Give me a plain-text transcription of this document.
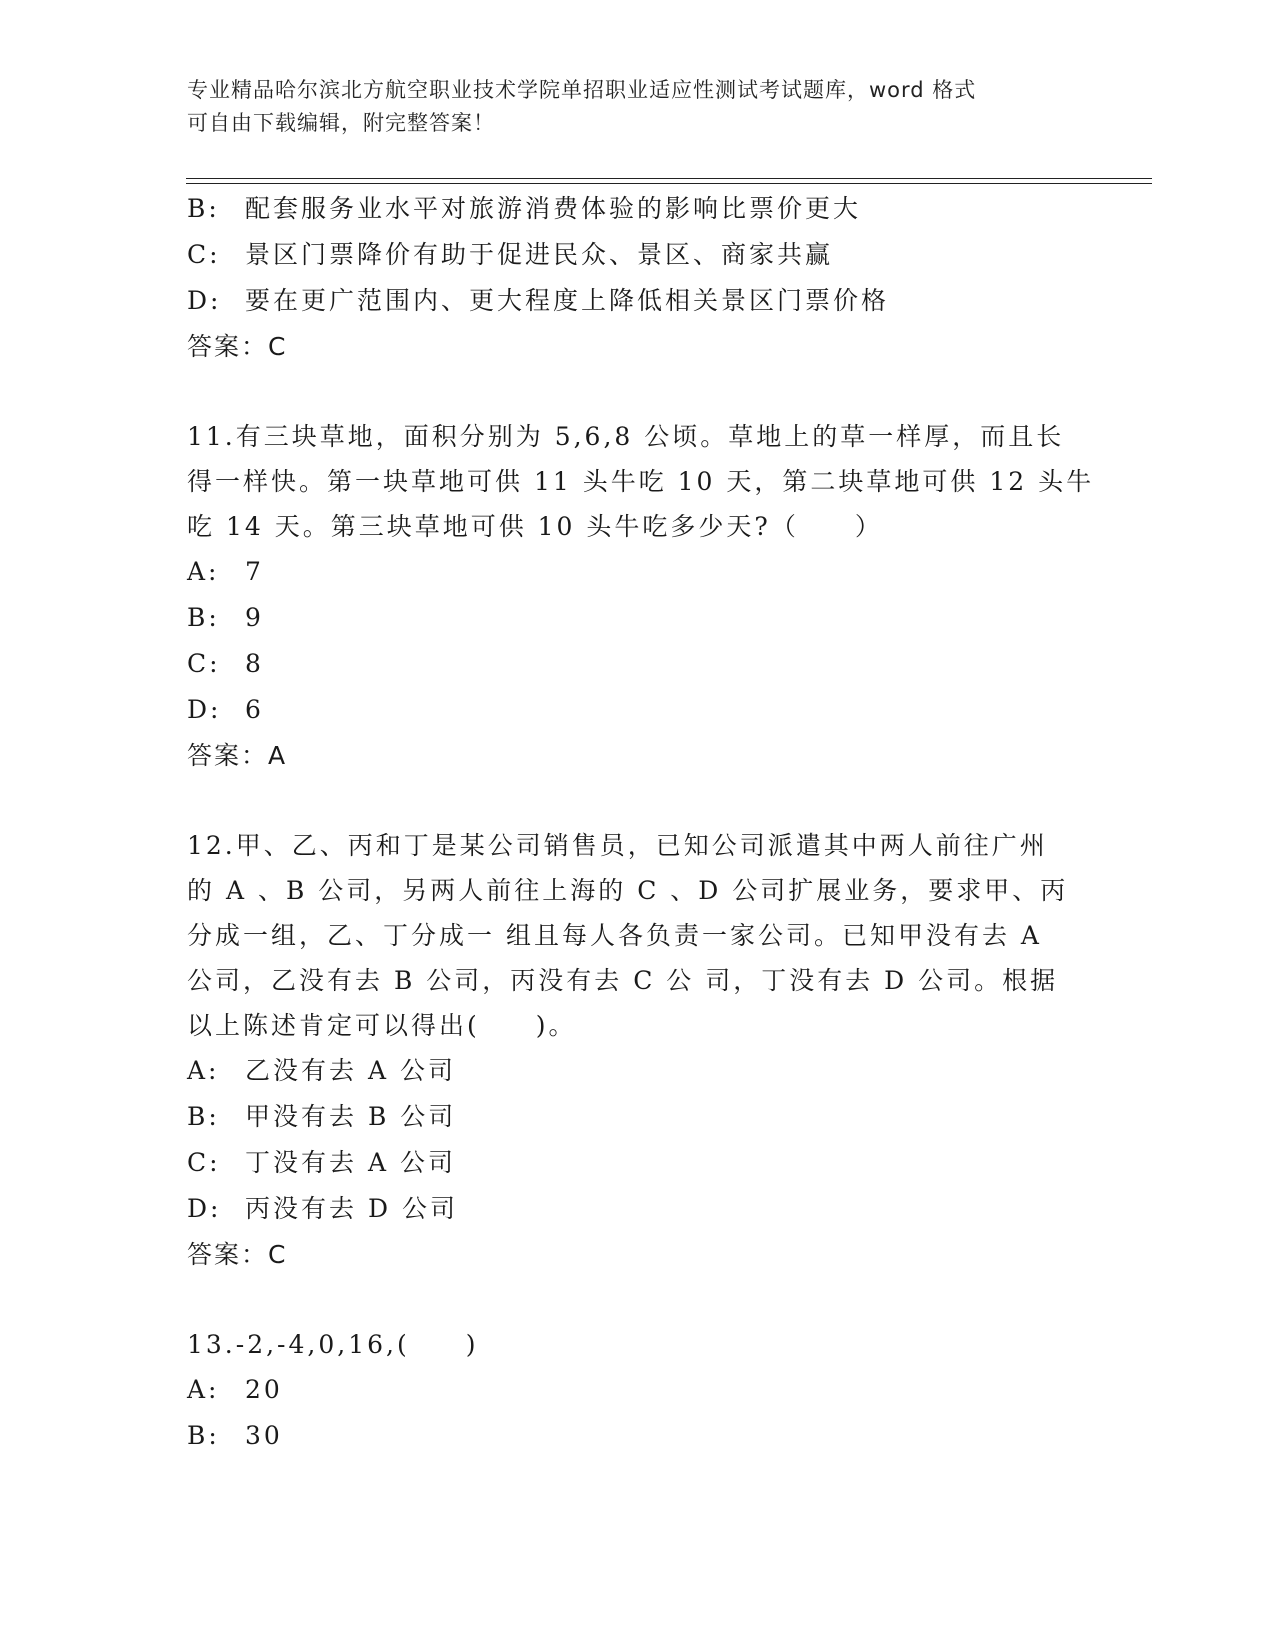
专业精品哈尔滨北方航空职业技术学院单招职业适应性测试考试题库，word 格式
可自由下载编辑，附完整答案！
B: 配套服务业水平对旅游消费体验的影响比票价更大
C: 景区门票降价有助于促进民众、景区、商家共赢
D: 要在更广范围内、更大程度上降低相关景区门票价格
答案：C
11.有三块草地，面积分别为 5,6,8 公顷。草地上的草一样厚，而且长
得一样快。第一块草地可供 11 头牛吃 10 天，第二块草地可供 12 头牛
吃 14 天。第三块草地可供 10 头牛吃多少天?（　　）
A: 7
B: 9
C: 8
D: 6
答案：A
12.甲、乙、丙和丁是某公司销售员，已知公司派遣其中两人前往广州
的 A 、B 公司，另两人前往上海的 C 、D 公司扩展业务，要求甲、丙
分成一组，乙、丁分成一 组且每人各负责一家公司。已知甲没有去 A
公司，乙没有去 B 公司，丙没有去 C 公 司，丁没有去 D 公司。根据
以上陈述肯定可以得出(　　)。
A: 乙没有去 A 公司
B: 甲没有去 B 公司
C: 丁没有去 A 公司
D: 丙没有去 D 公司
答案：C
13.-2,-4,0,16,(　　)
A: 20
B: 30
